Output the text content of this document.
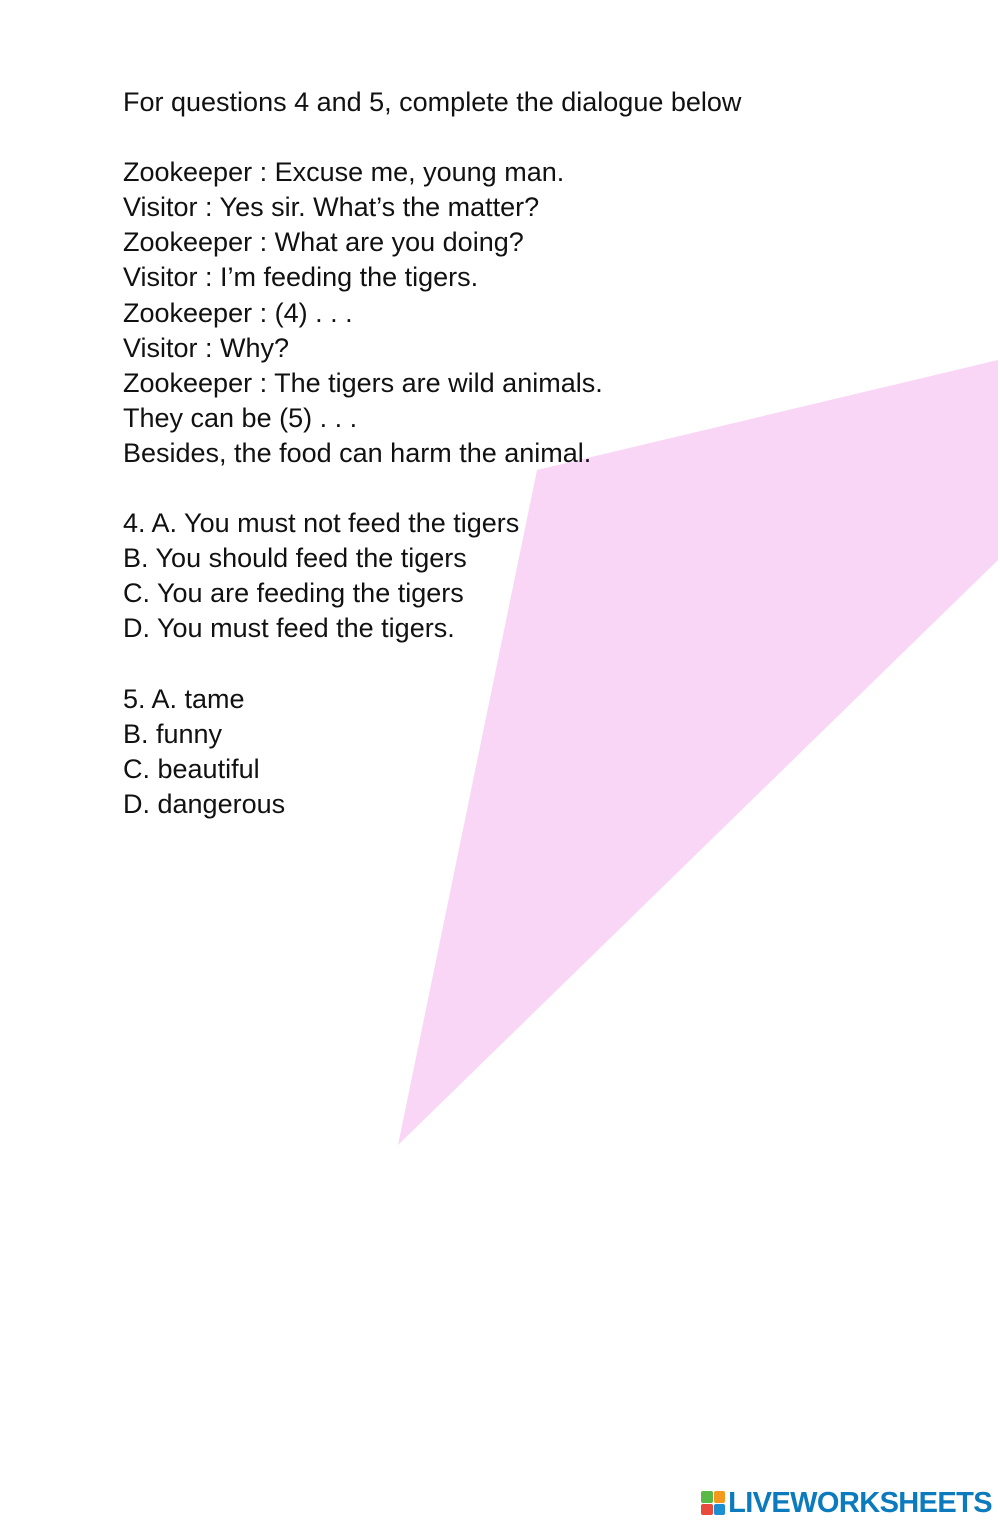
For questions 4 and 5, complete the dialogue below
Zookeeper : Excuse me, young man.
Visitor : Yes sir. What’s the matter?
Zookeeper : What are you doing?
Visitor : I’m feeding the tigers.
Zookeeper : (4) . . .
Visitor : Why?
Zookeeper : The tigers are wild animals.
They can be (5) . . .
Besides, the food can harm the animal.
4. A. You must not feed the tigers
B. You should feed the tigers
C. You are feeding the tigers
D. You must feed the tigers.
5. A. tame
B. funny
C. beautiful
D. dangerous
LIVEWORKSHEETS
